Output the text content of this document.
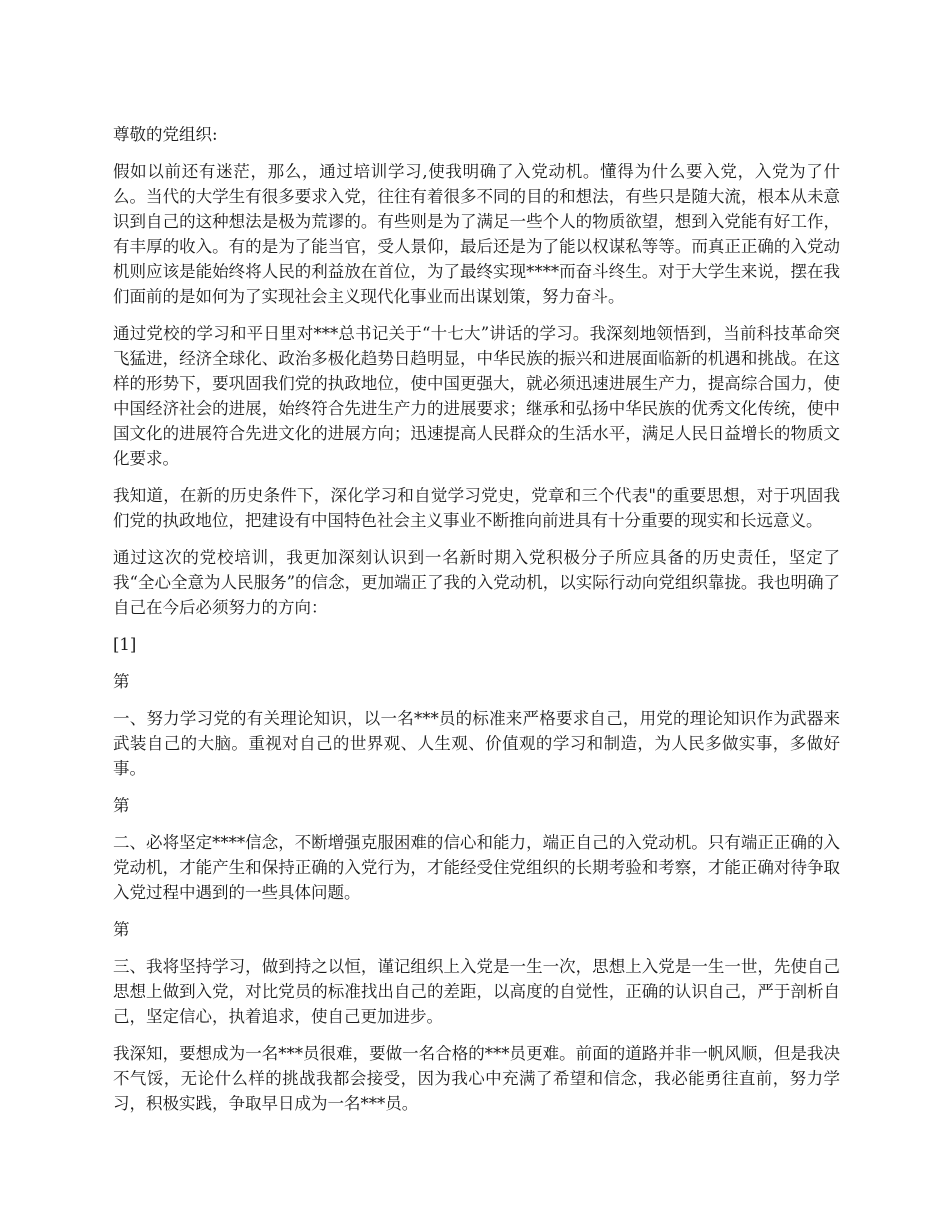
尊敬的党组织:

假如以前还有迷茫，那么，通过培训学习,使我明确了入党动机。懂得为什么要入党，入党为了什么。当代的大学生有很多要求入党，往往有着很多不同的目的和想法，有些只是随大流，根本从未意识到自己的这种想法是极为荒谬的。有些则是为了满足一些个人的物质欲望，想到入党能有好工作，有丰厚的收入。有的是为了能当官，受人景仰，最后还是为了能以权谋私等等。而真正正确的入党动机则应该是能始终将人民的利益放在首位，为了最终实现****而奋斗终生。对于大学生来说，摆在我们面前的是如何为了实现社会主义现代化事业而出谋划策，努力奋斗。

通过党校的学习和平日里对***总书记关于“十七大”讲话的学习。我深刻地领悟到，当前科技革命突飞猛进，经济全球化、政治多极化趋势日趋明显，中华民族的振兴和进展面临新的机遇和挑战。在这样的形势下，要巩固我们党的执政地位，使中国更强大，就必须迅速进展生产力，提高综合国力，使中国经济社会的进展，始终符合先进生产力的进展要求；继承和弘扬中华民族的优秀文化传统，使中国文化的进展符合先进文化的进展方向；迅速提高人民群众的生活水平，满足人民日益增长的物质文化要求。

我知道，在新的历史条件下，深化学习和自觉学习党史，党章和三个代表"的重要思想，对于巩固我们党的执政地位，把建设有中国特色社会主义事业不断推向前进具有十分重要的现实和长远意义。

通过这次的党校培训，我更加深刻认识到一名新时期入党积极分子所应具备的历史责任，坚定了我“全心全意为人民服务”的信念，更加端正了我的入党动机，以实际行动向党组织靠拢。我也明确了自己在今后必须努力的方向：

[1]

第

一、努力学习党的有关理论知识，以一名***员的标准来严格要求自己，用党的理论知识作为武器来武装自己的大脑。重视对自己的世界观、人生观、价值观的学习和制造，为人民多做实事，多做好事。

第

二、必将坚定****信念，不断增强克服困难的信心和能力，端正自己的入党动机。只有端正正确的入党动机，才能产生和保持正确的入党行为，才能经受住党组织的长期考验和考察，才能正确对待争取入党过程中遇到的一些具体问题。

第

三、我将坚持学习，做到持之以恒，谨记组织上入党是一生一次，思想上入党是一生一世，先使自己思想上做到入党，对比党员的标准找出自己的差距，以高度的自觉性，正确的认识自己，严于剖析自己，坚定信心，执着追求，使自己更加进步。

我深知，要想成为一名***员很难，要做一名合格的***员更难。前面的道路并非一帆风顺，但是我决不气馁，无论什么样的挑战我都会接受，因为我心中充满了希望和信念，我必能勇往直前，努力学习，积极实践，争取早日成为一名***员。
